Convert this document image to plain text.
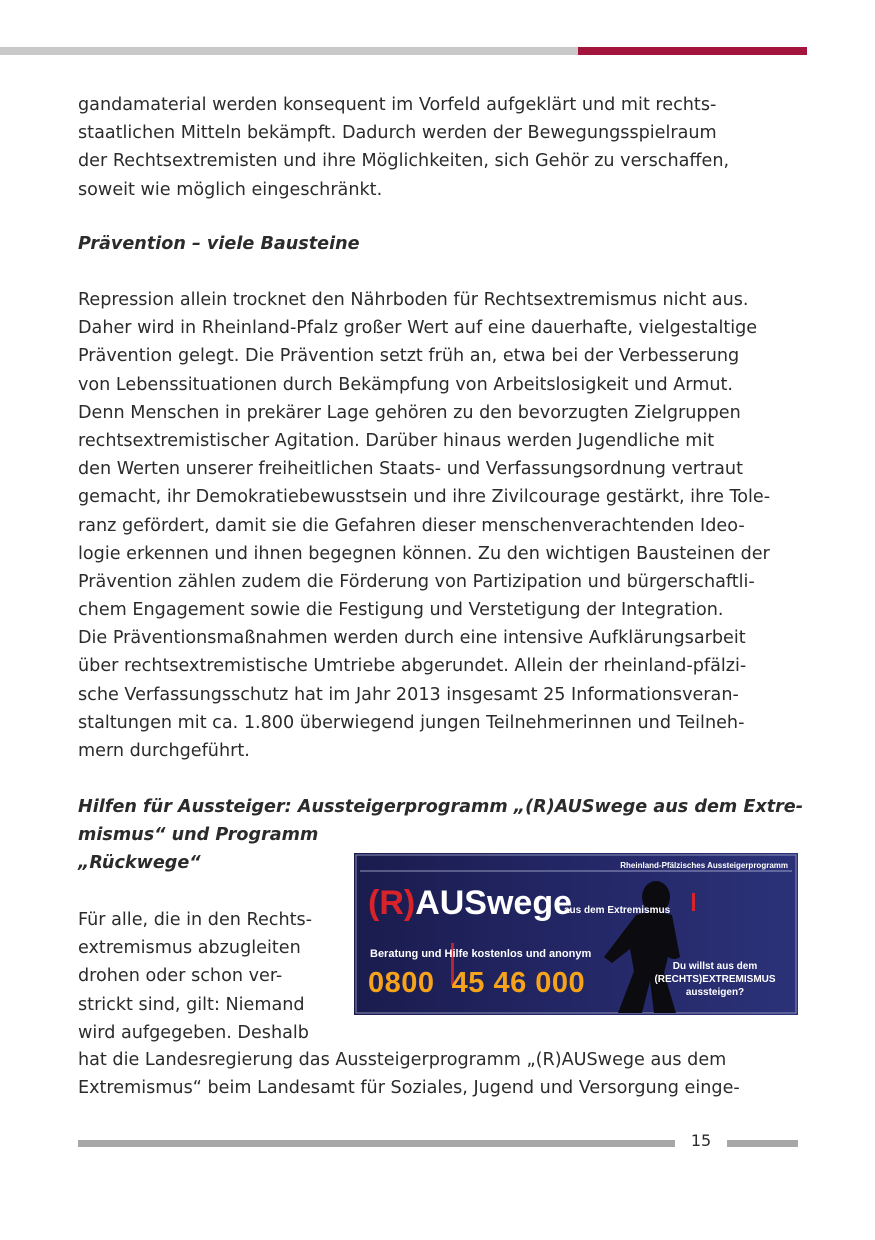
gandamaterial werden konsequent im Vorfeld aufgeklärt und mit rechts-
staatlichen Mitteln bekämpft. Dadurch werden der Bewegungsspielraum
der Rechtsextremisten und ihre Möglichkeiten, sich Gehör zu verschaffen,
soweit wie möglich eingeschränkt.
Prävention – viele Bausteine
Repression allein trocknet den Nährboden für Rechtsextremismus nicht aus.
Daher wird in Rheinland-Pfalz großer Wert auf eine dauerhafte, vielgestaltige
Prävention gelegt. Die Prävention setzt früh an, etwa bei der Verbesserung
von Lebenssituationen durch Bekämpfung von Arbeitslosigkeit und Armut.
Denn Menschen in prekärer Lage gehören zu den bevorzugten Zielgruppen
rechtsextremistischer Agitation. Darüber hinaus werden Jugendliche mit
den Werten unserer freiheitlichen Staats- und Verfassungsordnung vertraut
gemacht, ihr Demokratiebewusstsein und ihre Zivilcourage gestärkt, ihre Tole-
ranz gefördert, damit sie die Gefahren dieser menschenverachtenden Ideo-
logie erkennen und ihnen begegnen können. Zu den wichtigen Bausteinen der
Prävention zählen zudem die Förderung von Partizipation und bürgerschaftli-
chem Engagement sowie die Festigung und Verstetigung der Integration.
Die Präventionsmaßnahmen werden durch eine intensive Aufklärungsarbeit
über rechtsextremistische Umtriebe abgerundet. Allein der rheinland-pfälzi-
sche Verfassungsschutz hat im Jahr 2013 insgesamt 25 Informationsveran-
staltungen mit ca. 1.800 überwiegend jungen Teilnehmerinnen und Teilneh-
mern durchgeführt.
Hilfen für Aussteiger: Aussteigerprogramm „(R)AUSwege aus dem Extre-
mismus“ und Programm
„Rückwege“
Für alle, die in den Rechts-
extremismus abzugleiten
drohen oder schon ver-
strickt sind, gilt: Niemand
wird aufgegeben. Deshalb
hat die Landesregierung das Aussteigerprogramm „(R)AUSwege aus dem
Extremismus“ beim Landesamt für Soziales, Jugend und Versorgung einge-
Rheinland-Pfälzisches Aussteigerprogramm
(R)AUSwege
aus dem Extremismus
Beratung und Hilfe kostenlos und anonym
0800  45 46 000
Du willst aus dem
(RECHTS)EXTREMISMUS
aussteigen?
15
